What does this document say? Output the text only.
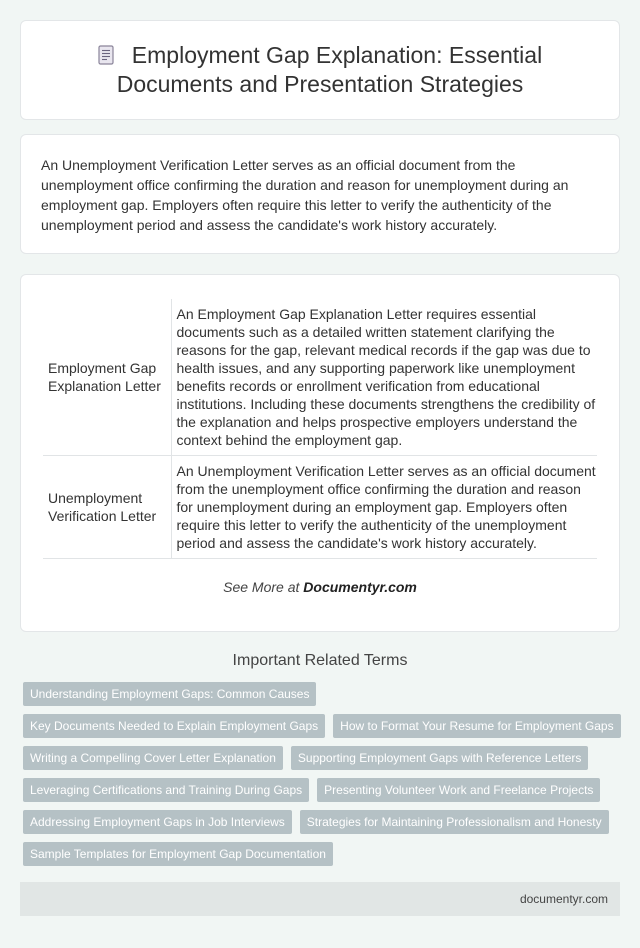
Employment Gap Explanation: Essential Documents and Presentation Strategies

An Unemployment Verification Letter serves as an official document from the unemployment office confirming the duration and reason for unemployment during an employment gap. Employers often require this letter to verify the authenticity of the unemployment period and assess the candidate's work history accurately.

Employment Gap Explanation Letter	An Employment Gap Explanation Letter requires essential documents such as a detailed written statement clarifying the reasons for the gap, relevant medical records if the gap was due to health issues, and any supporting paperwork like unemployment benefits records or enrollment verification from educational institutions. Including these documents strengthens the credibility of the explanation and helps prospective employers understand the context behind the employment gap.
Unemployment Verification Letter	An Unemployment Verification Letter serves as an official document from the unemployment office confirming the duration and reason for unemployment during an employment gap. Employers often require this letter to verify the authenticity of the unemployment period and assess the candidate's work history accurately.
See More at Documentyr.com
Important Related Terms
Understanding Employment Gaps: Common Causes
Key Documents Needed to Explain Employment Gaps	How to Format Your Resume for Employment Gaps
Writing a Compelling Cover Letter Explanation	Supporting Employment Gaps with Reference Letters
Leveraging Certifications and Training During Gaps	Presenting Volunteer Work and Freelance Projects
Addressing Employment Gaps in Job Interviews	Strategies for Maintaining Professionalism and Honesty
Sample Templates for Employment Gap Documentation
documentyr.com
